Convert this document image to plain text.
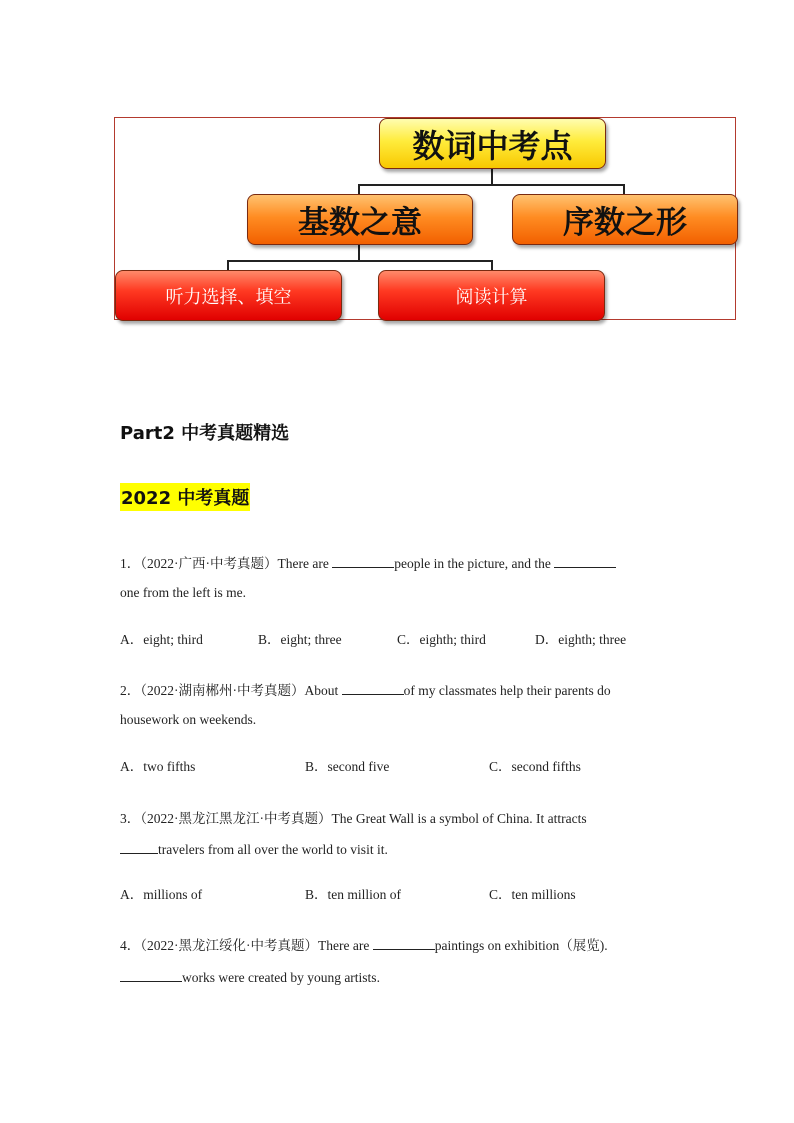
数词中考点
基数之意	序数之形
听力选择、填空	阅读计算
Part2 中考真题精选
2022 中考真题
1．（2022·广西·中考真题）There are	people in the picture, and the
one from the left is me.
A．eight; third	B．eight; three	C．eighth; third	D．eighth; three
2．（2022·湖南郴州·中考真题）About	of my classmates help their parents do
housework on weekends.
A．two fifths	B．second five	C．second fifths
3．（2022·黑龙江黑龙江·中考真题）The Great Wall is a symbol of China. It attracts
travelers from all over the world to visit it.
A．millions of	B．ten million of	C．ten millions
4．（2022·黑龙江绥化·中考真题）There are	paintings on exhibition（展览).
works were created by young artists.
